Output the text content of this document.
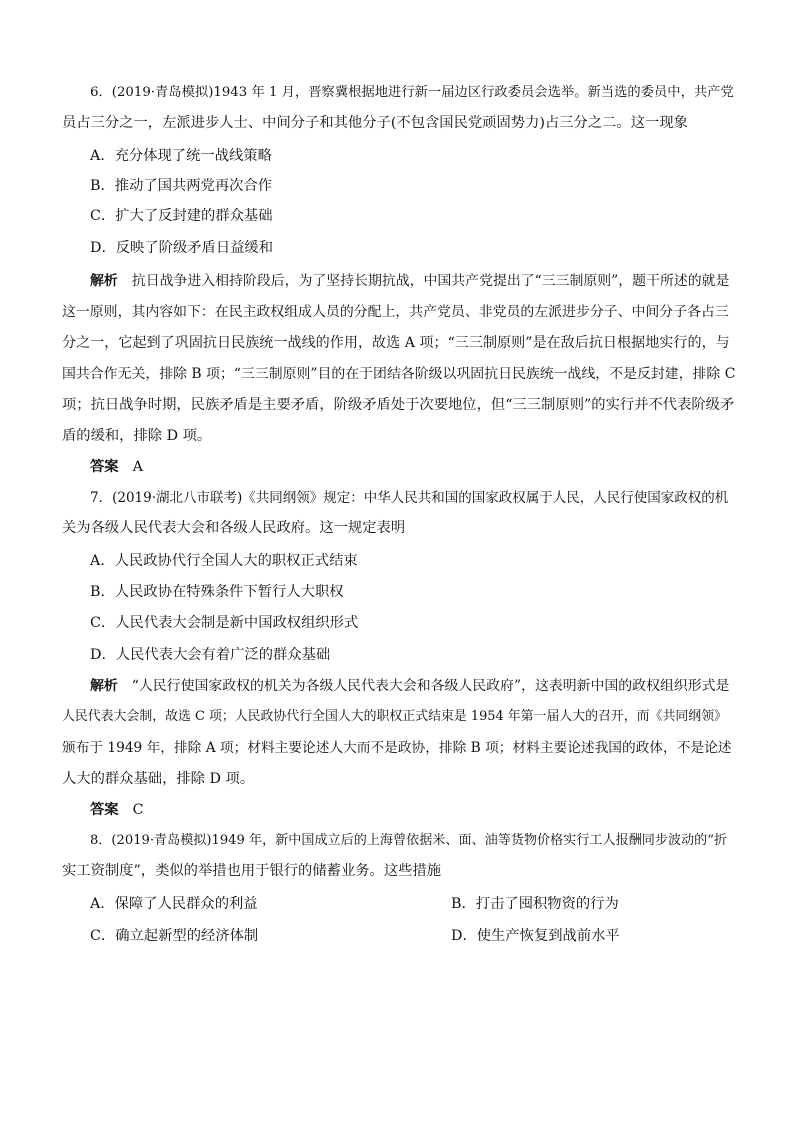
6．(2019·青岛模拟)1943 年 1 月，晋察冀根据地进行新一届边区行政委员会选举。新当选的委员中，共产党
员占三分之一，左派进步人士、中间分子和其他分子(不包含国民党顽固势力)占三分之二。这一现象
A．充分体现了统一战线策略
B．推动了国共两党再次合作
C．扩大了反封建的群众基础
D．反映了阶级矛盾日益缓和
解析 抗日战争进入相持阶段后，为了坚持长期抗战，中国共产党提出了“三三制原则”，题干所述的就是
这一原则，其内容如下：在民主政权组成人员的分配上，共产党员、非党员的左派进步分子、中间分子各占三
分之一，它起到了巩固抗日民族统一战线的作用，故选 A 项；“三三制原则”是在敌后抗日根据地实行的，与
国共合作无关，排除 B 项；“三三制原则”目的在于团结各阶级以巩固抗日民族统一战线，不是反封建，排除 C
项；抗日战争时期，民族矛盾是主要矛盾，阶级矛盾处于次要地位，但“三三制原则”的实行并不代表阶级矛
盾的缓和，排除 D 项。
答案 A
7．(2019·湖北八市联考)《共同纲领》规定：中华人民共和国的国家政权属于人民，人民行使国家政权的机
关为各级人民代表大会和各级人民政府。这一规定表明
A．人民政协代行全国人大的职权正式结束
B．人民政协在特殊条件下暂行人大职权
C．人民代表大会制是新中国政权组织形式
D．人民代表大会有着广泛的群众基础
解析 “人民行使国家政权的机关为各级人民代表大会和各级人民政府”，这表明新中国的政权组织形式是
人民代表大会制，故选 C 项；人民政协代行全国人大的职权正式结束是 1954 年第一届人大的召开，而《共同纲领》
颁布于 1949 年，排除 A 项；材料主要论述人大而不是政协，排除 B 项；材料主要论述我国的政体，不是论述
人大的群众基础，排除 D 项。
答案 C
8．(2019·青岛模拟)1949 年，新中国成立后的上海曾依据米、面、油等货物价格实行工人报酬同步波动的“折
实工资制度”，类似的举措也用于银行的储蓄业务。这些措施
A．保障了人民群众的利益	B．打击了囤积物资的行为
C．确立起新型的经济体制	D．使生产恢复到战前水平
